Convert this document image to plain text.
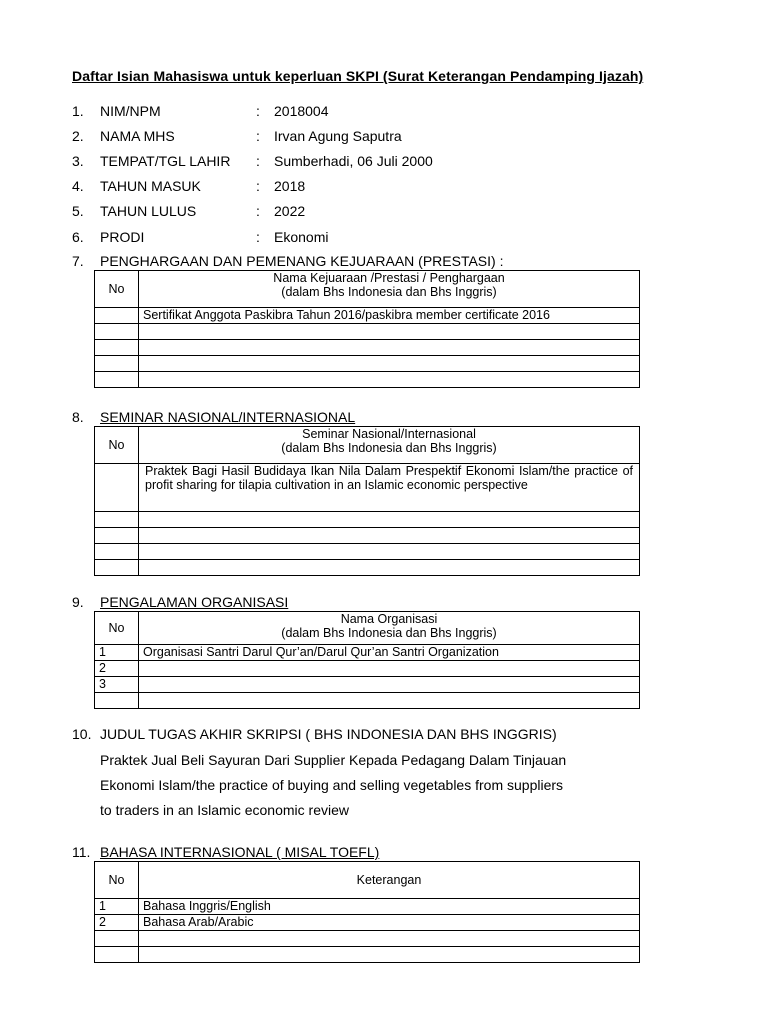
Daftar Isian Mahasiswa untuk keperluan SKPI (Surat Keterangan Pendamping Ijazah)
1.	NIM/NPM	: 2018004
2.	NAMA MHS	: Irvan Agung Saputra
3.	TEMPAT/TGL LAHIR : Sumberhadi, 06 Juli 2000
4.	TAHUN MASUK	: 2018
5.	TAHUN LULUS	: 2022
6.	PRODI	: Ekonomi
7. PENGHARGAAN DAN PEMENANG KEJUARAAN (PRESTASI) :
No	Nama Kejuaraan /Prestasi / Penghargaan
(dalam Bhs Indonesia dan Bhs Inggris)

	Sertifikat Anggota Paskibra Tahun 2016/paskibra member certificate 2016

8. SEMINAR NASIONAL/INTERNASIONAL
No	Seminar Nasional/Internasional
(dalam Bhs Indonesia dan Bhs Inggris)

	Praktek Bagi Hasil Budidaya Ikan Nila Dalam Prespektif Ekonomi Islam/the practice of profit sharing for tilapia cultivation in an Islamic economic perspective

9. PENGALAMAN ORGANISASI
No	Nama Organisasi
(dalam Bhs Indonesia dan Bhs Inggris)

1	Organisasi Santri Darul Qur’an/Darul Qur’an Santri Organization
2	
3	

10. JUDUL TUGAS AKHIR SKRIPSI ( BHS INDONESIA DAN BHS INGGRIS)
Praktek Jual Beli Sayuran Dari Supplier Kepada Pedagang Dalam Tinjauan
Ekonomi Islam/the practice of buying and selling vegetables from suppliers
to traders in an Islamic economic review
11. BAHASA INTERNASIONAL ( MISAL TOEFL)
No	Keterangan
1	Bahasa Inggris/English
2	Bahasa Arab/Arabic
